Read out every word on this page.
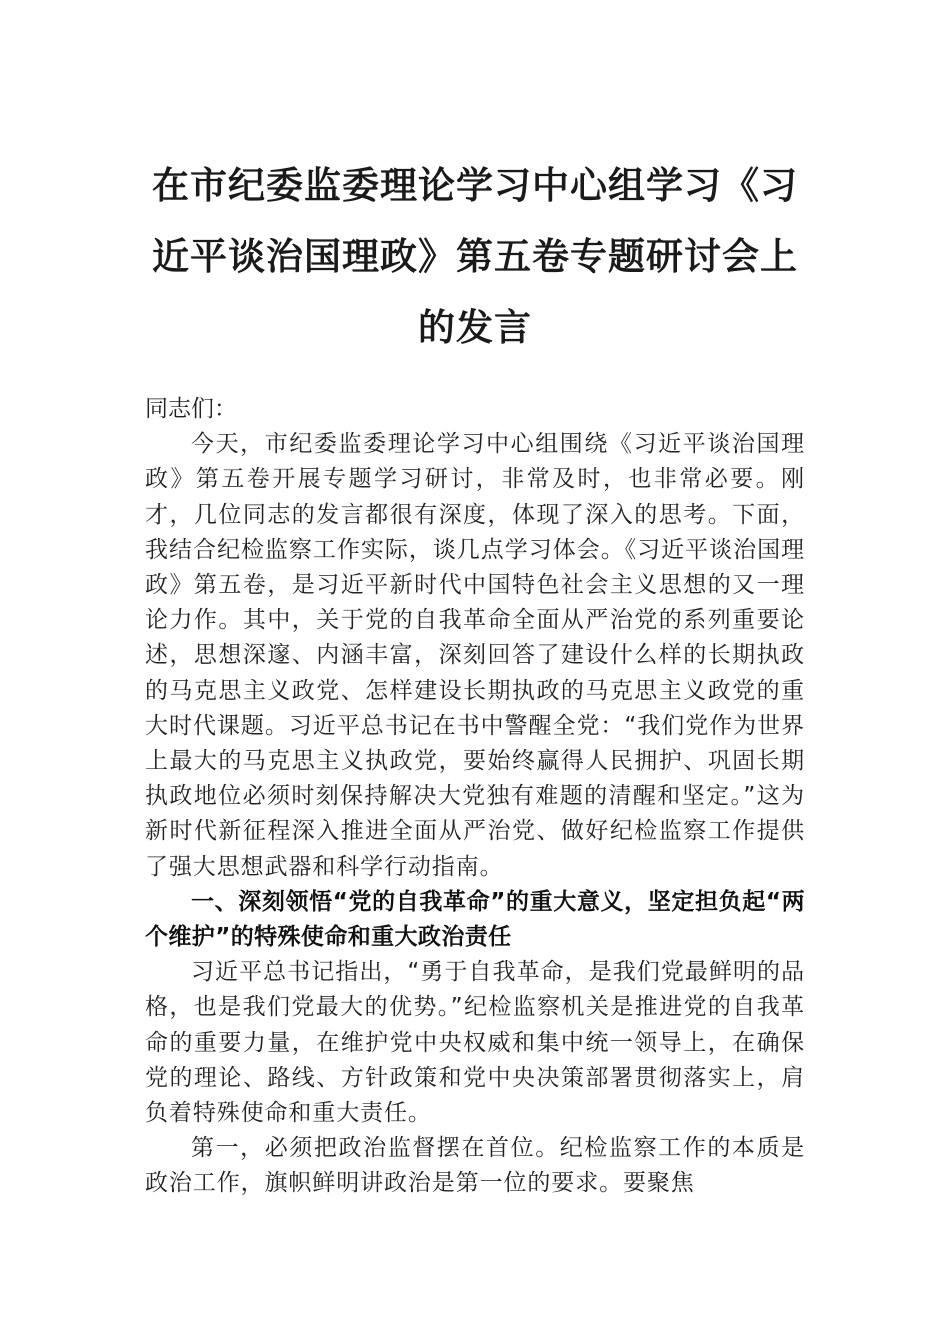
在市纪委监委理论学习中心组学习《习近平谈治国理政》第五卷专题研讨会上的发言

同志们：

今天，市纪委监委理论学习中心组围绕《习近平谈治国理政》第五卷开展专题学习研讨，非常及时，也非常必要。刚才，几位同志的发言都很有深度，体现了深入的思考。下面，我结合纪检监察工作实际，谈几点学习体会。《习近平谈治国理政》第五卷，是习近平新时代中国特色社会主义思想的又一理论力作。其中，关于党的自我革命全面从严治党的系列重要论述，思想深邃、内涵丰富，深刻回答了建设什么样的长期执政的马克思主义政党、怎样建设长期执政的马克思主义政党的重大时代课题。习近平总书记在书中警醒全党：“我们党作为世界上最大的马克思主义执政党，要始终赢得人民拥护、巩固长期执政地位必须时刻保持解决大党独有难题的清醒和坚定。”这为新时代新征程深入推进全面从严治党、做好纪检监察工作提供了强大思想武器和科学行动指南。

一、深刻领悟“党的自我革命”的重大意义，坚定担负起“两个维护”的特殊使命和重大政治责任

习近平总书记指出，“勇于自我革命，是我们党最鲜明的品格，也是我们党最大的优势。”纪检监察机关是推进党的自我革命的重要力量，在维护党中央权威和集中统一领导上，在确保党的理论、路线、方针政策和党中央决策部署贯彻落实上，肩负着特殊使命和重大责任。

第一，必须把政治监督摆在首位。纪检监察工作的本质是政治工作，旗帜鲜明讲政治是第一位的要求。要聚焦
